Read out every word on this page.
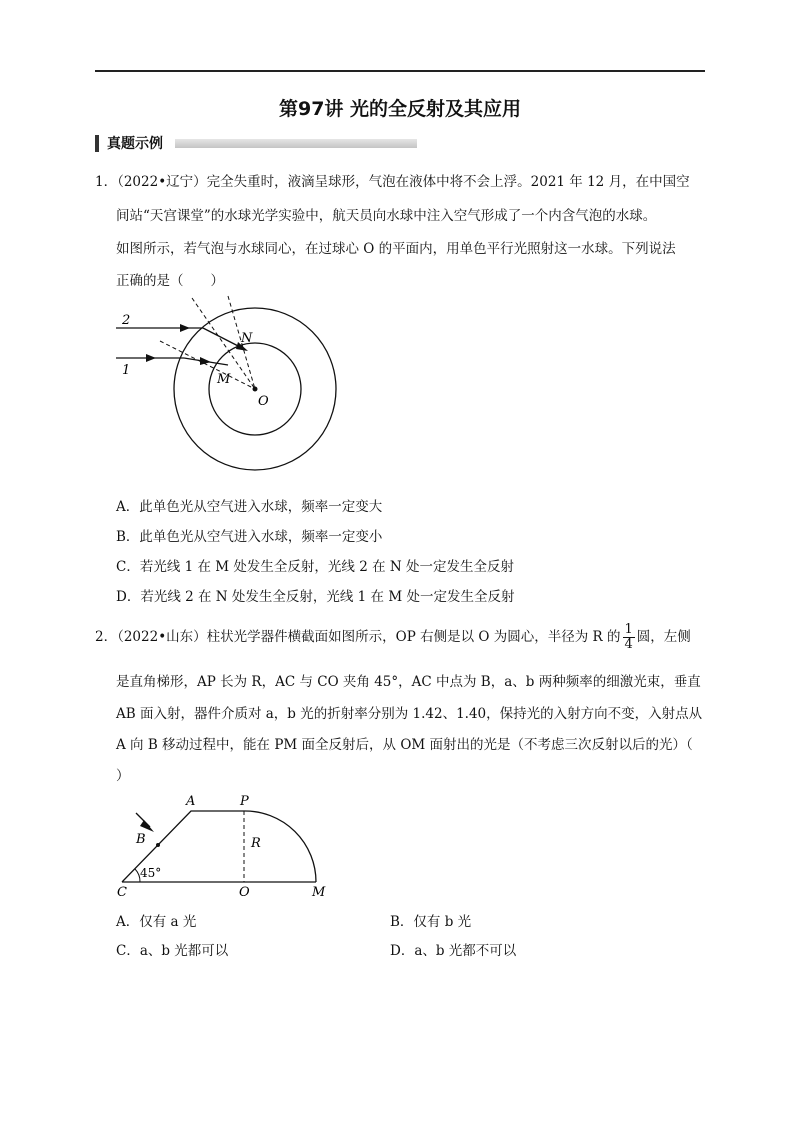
第97讲 光的全反射及其应用
真题示例
1．（2022•辽宁）完全失重时，液滴呈球形，气泡在液体中将不会上浮。2021 年 12 月，在中国空
间站“天宫课堂”的水球光学实验中，航天员向水球中注入空气形成了一个内含气泡的水球。
如图所示，若气泡与水球同心，在过球心 O 的平面内，用单色平行光照射这一水球。下列说法
正确的是（　　）
2
1
N
M
O
A．此单色光从空气进入水球，频率一定变大
B．此单色光从空气进入水球，频率一定变小
C．若光线 1 在 M 处发生全反射，光线 2 在 N 处一定发生全反射
D．若光线 2 在 N 处发生全反射，光线 1 在 M 处一定发生全反射
2．（2022•山东）柱状光学器件横截面如图所示，OP 右侧是以 O 为圆心，半径为 R 的 $\frac{1}{4}$ 圆，左侧
是直角梯形，AP 长为 R，AC 与 CO 夹角 45°，AC 中点为 B，a、b 两种频率的细激光束，垂直
AB 面入射，器件介质对 a，b 光的折射率分别为 1.42、1.40，保持光的入射方向不变，入射点从
A 向 B 移动过程中，能在 PM 面全反射后，从 OM 面射出的光是（不考虑三次反射以后的光）（
）
A	P
B	R
45°
C	O	M
A．仅有 a 光	B．仅有 b 光
C．a、b 光都可以	D．a、b 光都不可以
